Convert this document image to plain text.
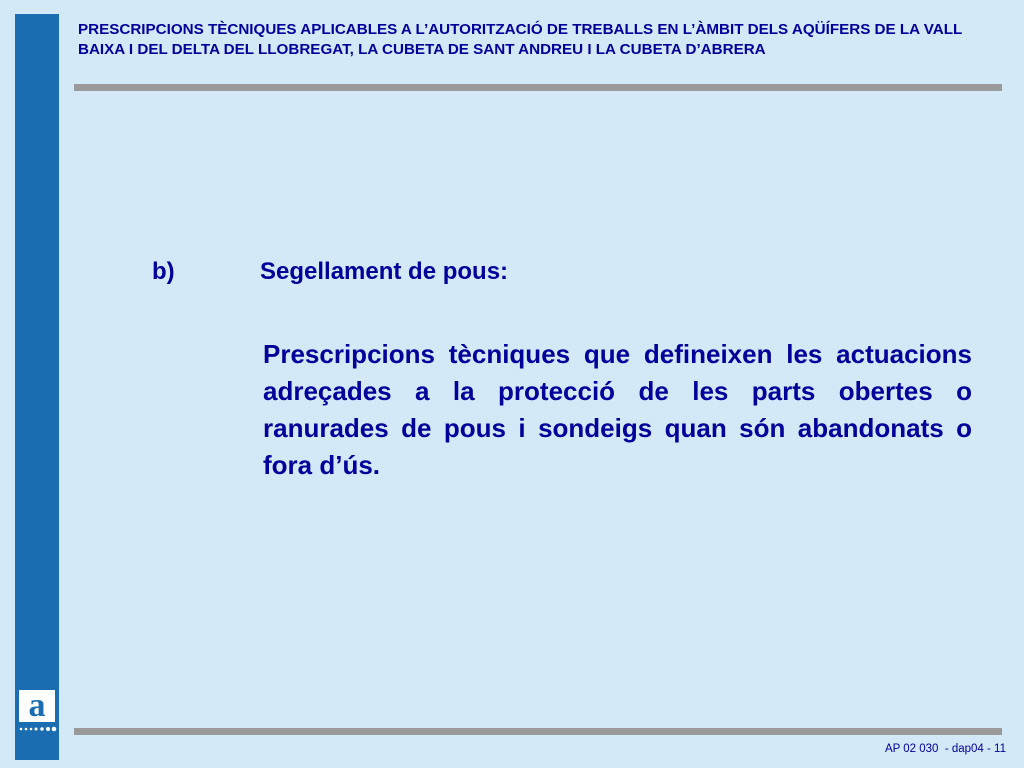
a
PRESCRIPCIONS TÈCNIQUES APLICABLES A L’AUTORITZACIÓ DE TREBALLS EN L’ÀMBIT DELS AQÜÍFERS DE LA VALL BAIXA I DEL DELTA DEL LLOBREGAT, LA CUBETA DE SANT ANDREU I LA CUBETA D’ABRERA
b)	Segellament de pous:
Prescripcions tècniques que defineixen les actuacions adreçades a la protecció de les parts obertes o ranurades de pous i sondeigs quan són abandonats o fora d’ús.
AP 02 030  - dap04 - 11
